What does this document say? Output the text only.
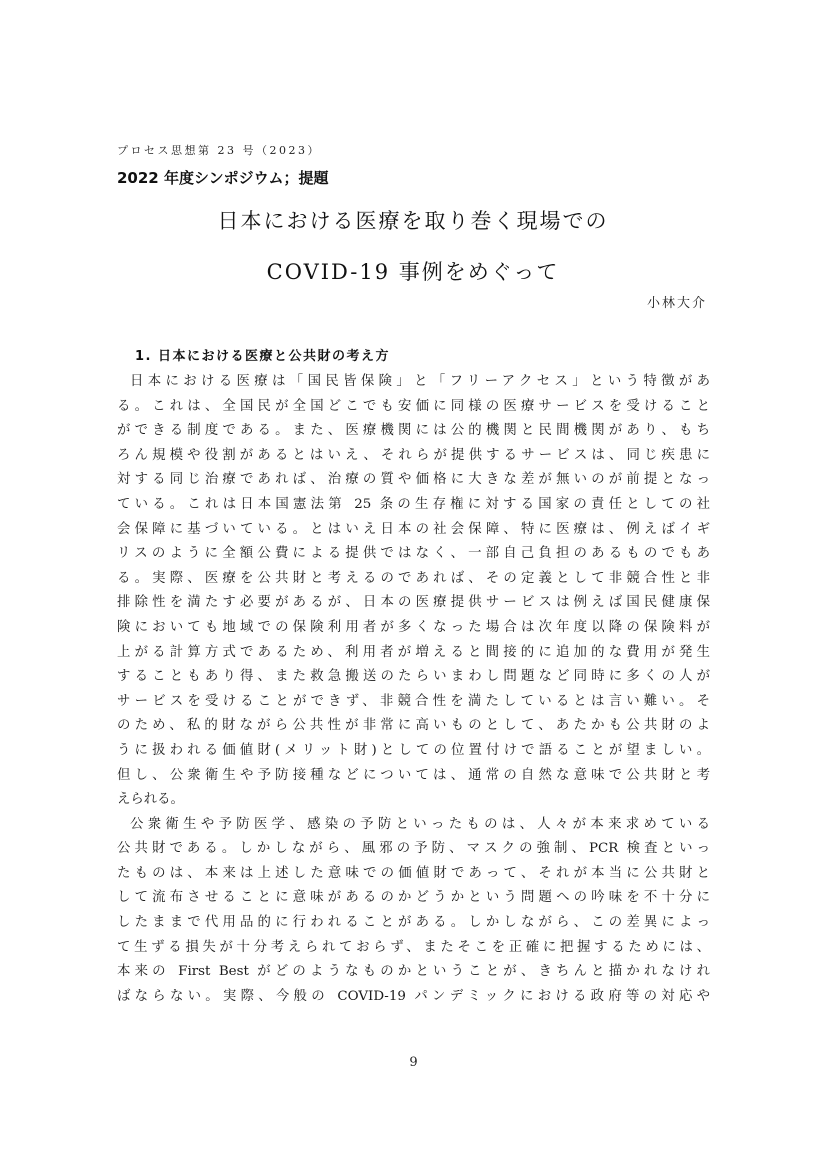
プロセス思想第 23 号（2023）
2022 年度シンポジウム；提題
日本における医療を取り巻く現場での
COVID-19 事例をめぐって
小林大介
1. 日本における医療と公共財の考え方
日本における医療は「国民皆保険」と「フリーアクセス」という特徴があ
る。これは、全国民が全国どこでも安価に同様の医療サービスを受けること
ができる制度である。また、医療機関には公的機関と民間機関があり、もち
ろん規模や役割があるとはいえ、それらが提供するサービスは、同じ疾患に
対する同じ治療であれば、治療の質や価格に大きな差が無いのが前提となっ
ている。これは日本国憲法第 25 条の生存権に対する国家の責任としての社
会保障に基づいている。とはいえ日本の社会保障、特に医療は、例えばイギ
リスのように全額公費による提供ではなく、一部自己負担のあるものでもあ
る。実際、医療を公共財と考えるのであれば、その定義として非競合性と非
排除性を満たす必要があるが、日本の医療提供サービスは例えば国民健康保
険においても地域での保険利用者が多くなった場合は次年度以降の保険料が
上がる計算方式であるため、利用者が増えると間接的に追加的な費用が発生
することもあり得、また救急搬送のたらいまわし問題など同時に多くの人が
サービスを受けることができず、非競合性を満たしているとは言い難い。そ
のため、私的財ながら公共性が非常に高いものとして、あたかも公共財のよ
うに扱われる価値財(メリット財)としての位置付けで語ることが望ましい。
但し、公衆衛生や予防接種などについては、通常の自然な意味で公共財と考
えられる。
公衆衛生や予防医学、感染の予防といったものは、人々が本来求めている
公共財である。しかしながら、風邪の予防、マスクの強制、PCR 検査といっ
たものは、本来は上述した意味での価値財であって、それが本当に公共財と
して流布させることに意味があるのかどうかという問題への吟味を不十分に
したままで代用品的に行われることがある。しかしながら、この差異によっ
て生ずる損失が十分考えられておらず、またそこを正確に把握するためには、
本来の First Best がどのようなものかということが、きちんと描かれなけれ
ばならない。実際、今般の COVID-19 パンデミックにおける政府等の対応や
9
